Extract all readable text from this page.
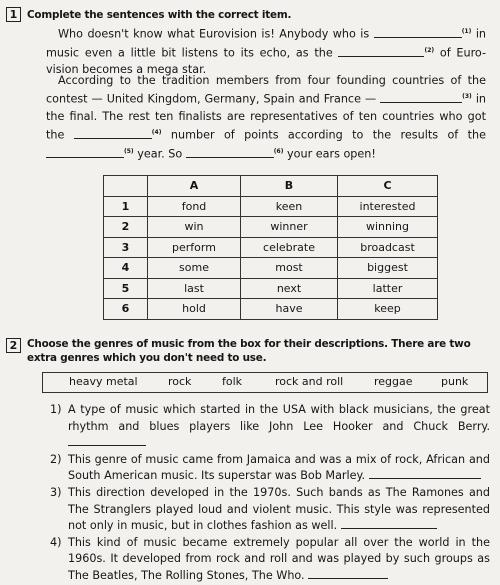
1 Complete the sentences with the correct item.
Who doesn't know what Eurovision is! Anybody who is	$^{(1)}$ in music even a little bit listens to its echo, as the	$^{(2)}$ of Euro-vision becomes a mega star.
According to the tradition members from four founding countries of the contest — United Kingdom, Germany, Spain and France —	$^{(3)}$ in the final. The rest ten finalists are representatives of ten countries who got the	$^{(4)}$ number of points according to the results of the $^{(5)}$ year. So	$^{(6)}$ your ears open!
	A	B	C
1	fond	keen	interested
2	win	winner	winning
3	perform	celebrate	broadcast
4	some	most	biggest
5	last	next	latter
6	hold	have	keep
2 Choose the genres of music from the box for their descriptions. There are two extra genres which you don't need to use.
heavy metal	rock	folk	rock and roll	reggae	punk
1) A type of music which started in the USA with black musicians, the great rhythm and blues players like John Lee Hooker and Chuck Berry.
2) This genre of music came from Jamaica and was a mix of rock, African and South American music. Its superstar was Bob Marley.
3) This direction developed in the 1970s. Such bands as The Ramones and The Stranglers played loud and violent music. This style was represented not only in music, but in clothes fashion as well.
4) This kind of music became extremely popular all over the world in the 1960s. It developed from rock and roll and was played by such groups as The Beatles, The Rolling Stones, The Who.
